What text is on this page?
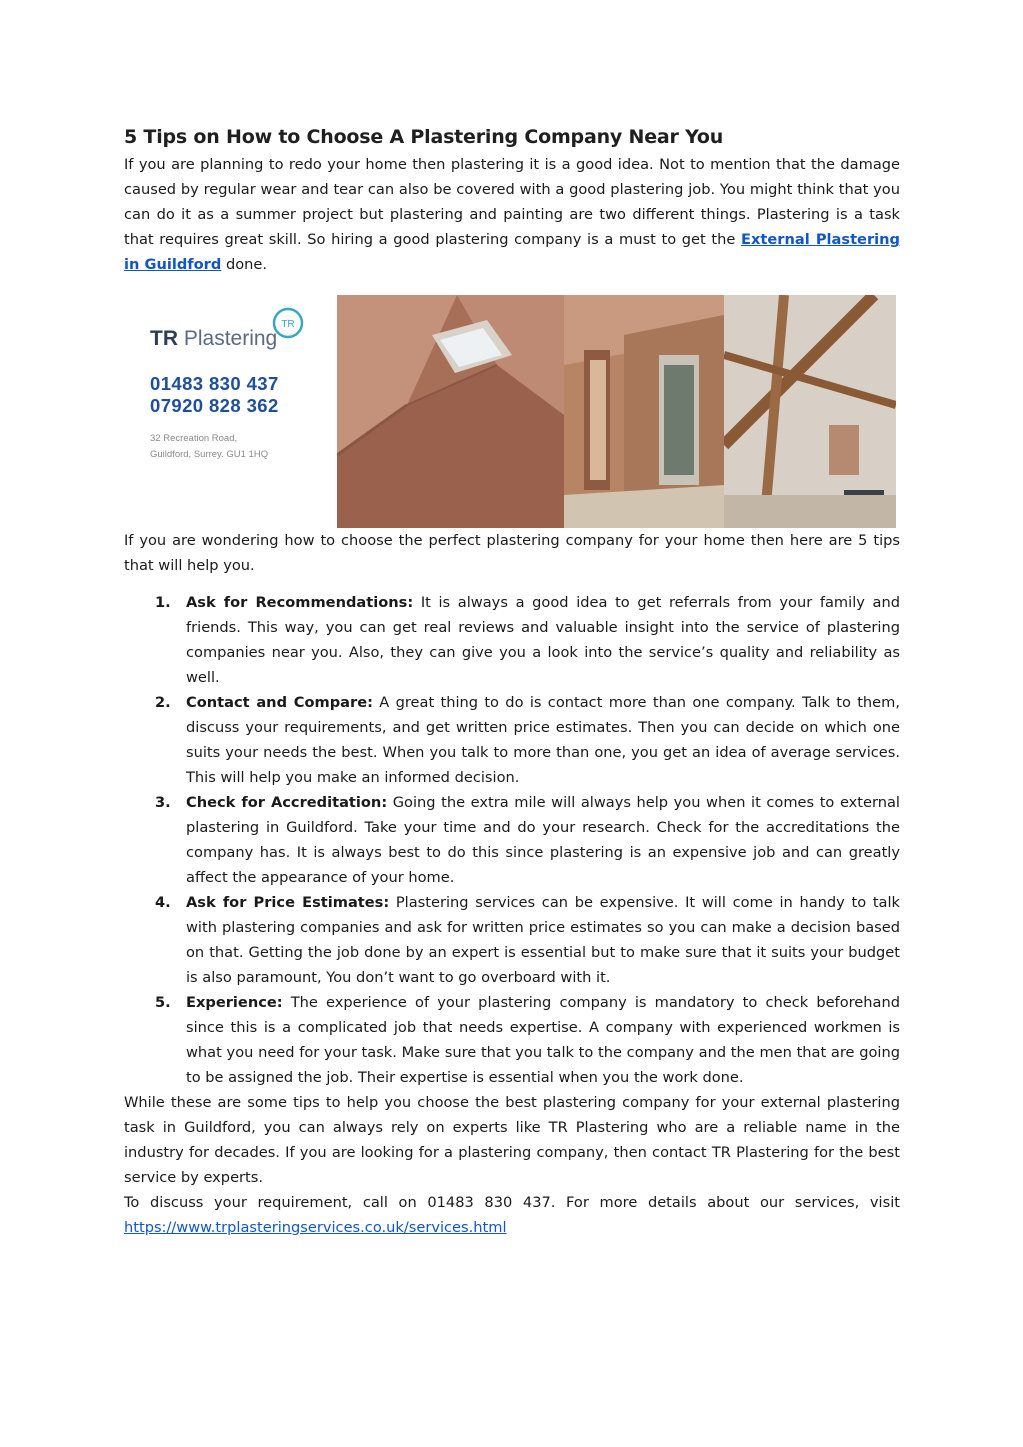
5 Tips on How to Choose A Plastering Company Near You

If you are planning to redo your home then plastering it is a good idea. Not to mention that the damage caused by regular wear and tear can also be covered with a good plastering job. You might think that you can do it as a summer project but plastering and painting are two different things. Plastering is a task that requires great skill. So hiring a good plastering company is a must to get the External Plastering in Guildford done.

TR
TR Plastering
01483 830 437
07920 828 362
32 Recreation Road,
Guildford, Surrey. GU1 1HQ

If you are wondering how to choose the perfect plastering company for your home then here are 5 tips that will help you.

1. Ask for Recommendations: It is always a good idea to get referrals from your family and friends. This way, you can get real reviews and valuable insight into the service of plastering companies near you. Also, they can give you a look into the service’s quality and reliability as well.
2. Contact and Compare: A great thing to do is contact more than one company. Talk to them, discuss your requirements, and get written price estimates. Then you can decide on which one suits your needs the best. When you talk to more than one, you get an idea of average services. This will help you make an informed decision.
3. Check for Accreditation: Going the extra mile will always help you when it comes to external plastering in Guildford. Take your time and do your research. Check for the accreditations the company has. It is always best to do this since plastering is an expensive job and can greatly affect the appearance of your home.
4. Ask for Price Estimates: Plastering services can be expensive. It will come in handy to talk with plastering companies and ask for written price estimates so you can make a decision based on that. Getting the job done by an expert is essential but to make sure that it suits your budget is also paramount, You don’t want to go overboard with it.
5. Experience: The experience of your plastering company is mandatory to check beforehand since this is a complicated job that needs expertise. A company with experienced workmen is what you need for your task. Make sure that you talk to the company and the men that are going to be assigned the job. Their expertise is essential when you the work done.

While these are some tips to help you choose the best plastering company for your external plastering task in Guildford, you can always rely on experts like TR Plastering who are a reliable name in the industry for decades. If you are looking for a plastering company, then contact TR Plastering for the best service by experts.

To discuss your requirement, call on 01483 830 437. For more details about our services, visit https://www.trplasteringservices.co.uk/services.html
